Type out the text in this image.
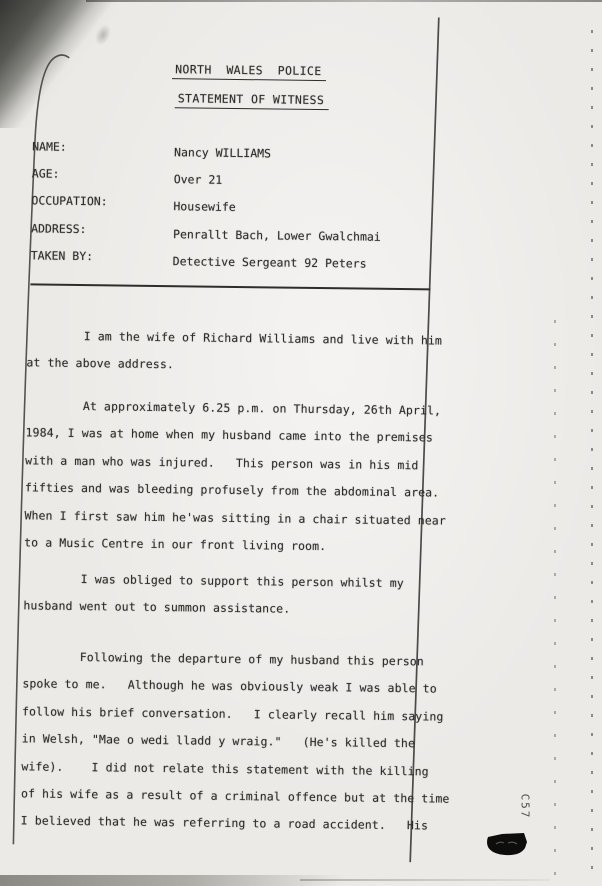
NORTH  WALES  POLICE
STATEMENT OF WITNESS
NAME:	Nancy WILLIAMS
AGE:	Over 21
OCCUPATION:	Housewife
ADDRESS:	Penrallt Bach, Lower Gwalchmai
TAKEN BY:	Detective Sergeant 92 Peters
I am the wife of Richard Williams and live with him
at the above address.
At approximately 6.25 p.m. on Thursday, 26th April,
1984, I was at home when my husband came into the premises
with a man who was injured.   This person was in his mid
fifties and was bleeding profusely from the abdominal area.
When I first saw him he'was sitting in a chair situated near
to a Music Centre in our front living room.
I was obliged to support this person whilst my
husband went out to summon assistance.
Following the departure of my husband this person
spoke to me.   Although he was obviously weak I was able to
follow his brief conversation.   I clearly recall him saying
in Welsh, "Mae o wedi lladd y wraig."   (He's killed the
wife).    I did not relate this statement with the killing
of his wife as a result of a criminal offence but at the time
I believed that he was referring to a road accident.   His
C57
